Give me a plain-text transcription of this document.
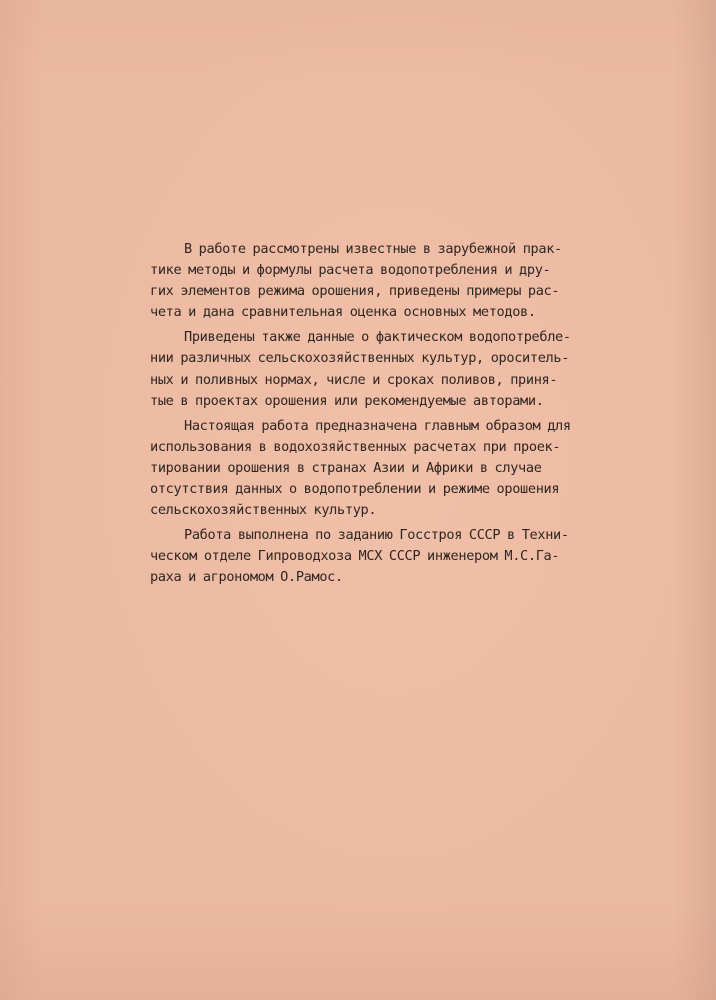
В работе рассмотрены известные в зарубежной прак-
тике методы и формулы расчета водопотребления и дру-
гих элементов режима орошения, приведены примеры рас-
чета и дана сравнительная оценка основных методов.
Приведены также данные о фактическом водопотребле-
нии различных сельскохозяйственных культур, ороситель-
ных и поливных нормах, числе и сроках поливов, приня-
тые в проектах орошения или рекомендуемые авторами.
Настоящая работа предназначена главным образом для
использования в водохозяйственных расчетах при проек-
тировании орошения в странах Азии и Африки в случае
отсутствия данных о водопотреблении и режиме орошения
сельскохозяйственных культур.
Работа выполнена по заданию Госстроя СССР в Техни-
ческом отделе Гипроводхоза МСХ СССР инженером М.С.Га-
раха и агрономом О.Рамос.
